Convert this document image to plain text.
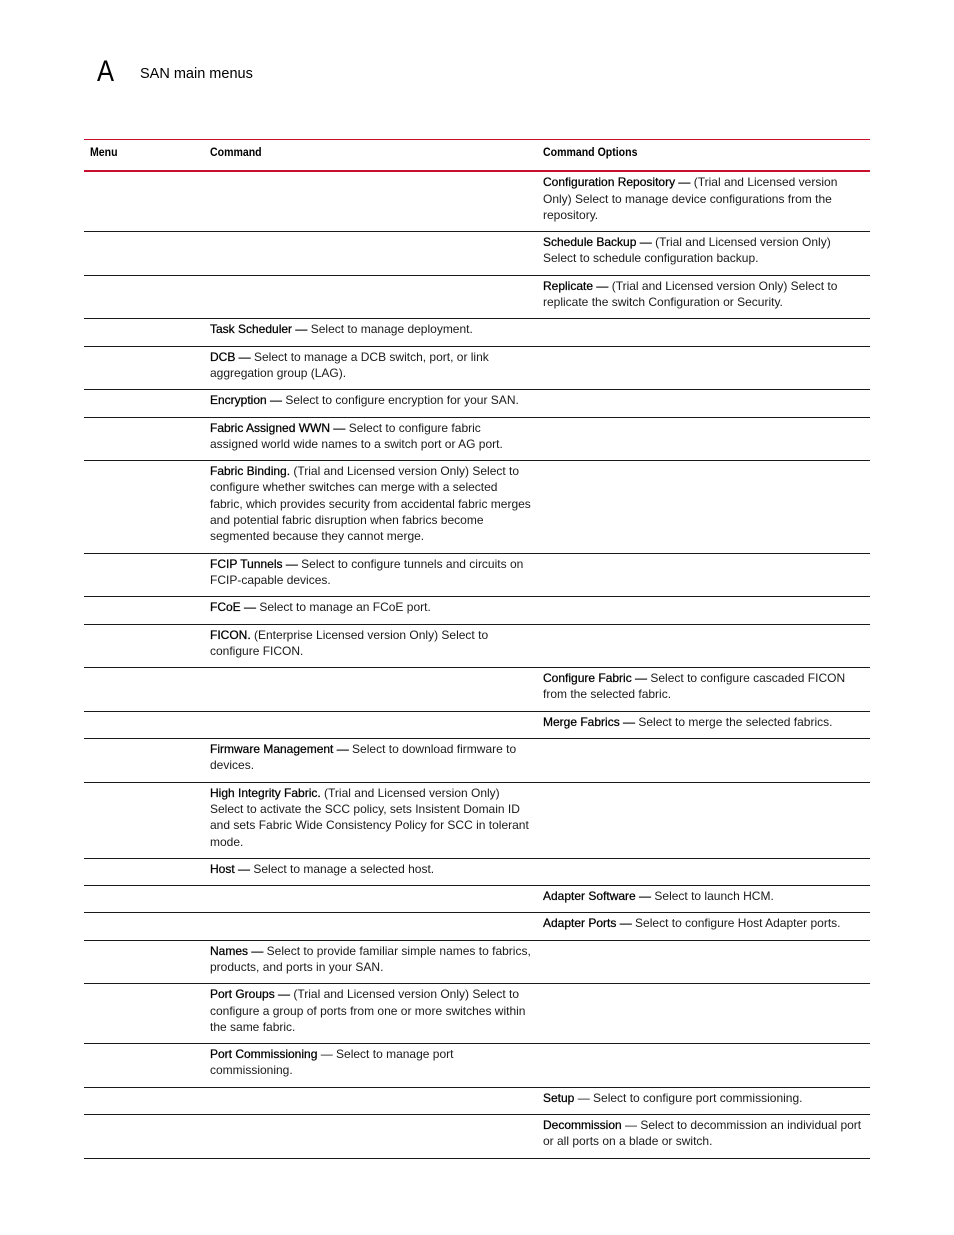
A SAN main menus
Menu	Command	Command Options
		Configuration Repository — (Trial and Licensed version Only) Select to manage device configurations from the repository.
		Schedule Backup — (Trial and Licensed version Only) Select to schedule configuration backup.
		Replicate — (Trial and Licensed version Only) Select to replicate the switch Configuration or Security.
	Task Scheduler — Select to manage deployment.	
	DCB — Select to manage a DCB switch, port, or link aggregation group (LAG).	
	Encryption — Select to configure encryption for your SAN.	
	Fabric Assigned WWN — Select to configure fabric assigned world wide names to a switch port or AG port.	
	Fabric Binding. (Trial and Licensed version Only) Select to configure whether switches can merge with a selected fabric, which provides security from accidental fabric merges and potential fabric disruption when fabrics become segmented because they cannot merge.	
	FCIP Tunnels — Select to configure tunnels and circuits on FCIP-capable devices.	
	FCoE — Select to manage an FCoE port.	
	FICON. (Enterprise Licensed version Only) Select to configure FICON.	
		Configure Fabric — Select to configure cascaded FICON from the selected fabric.
		Merge Fabrics — Select to merge the selected fabrics.
	Firmware Management — Select to download firmware to devices.	
	High Integrity Fabric. (Trial and Licensed version Only) Select to activate the SCC policy, sets Insistent Domain ID and sets Fabric Wide Consistency Policy for SCC in tolerant mode.	
	Host — Select to manage a selected host.	
		Adapter Software — Select to launch HCM.
		Adapter Ports — Select to configure Host Adapter ports.
	Names — Select to provide familiar simple names to fabrics, products, and ports in your SAN.	
	Port Groups — (Trial and Licensed version Only) Select to configure a group of ports from one or more switches within the same fabric.	
	Port Commissioning — Select to manage port commissioning.	
		Setup — Select to configure port commissioning.
		Decommission — Select to decommission an individual port or all ports on a blade or switch.
